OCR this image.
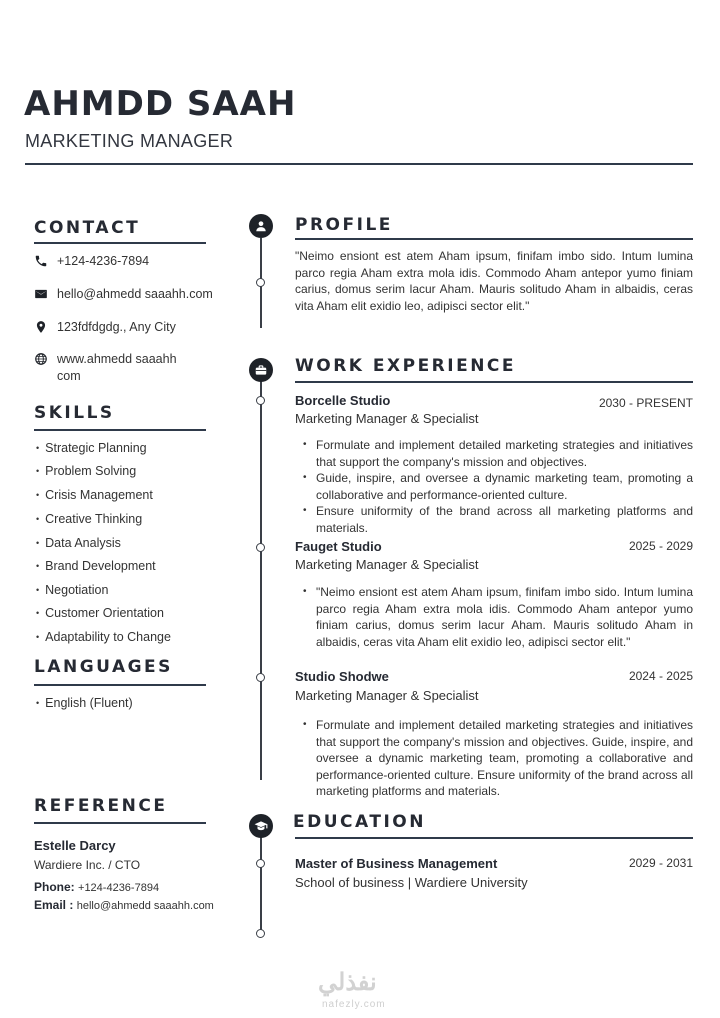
AHMDD SAAH
MARKETING MANAGER
CONTACT
+124-4236-7894
hello@ahmedd saaahh.com
123fdfdgdg., Any City
www.ahmedd saaahh
com
SKILLS
• Strategic Planning
• Problem Solving
• Crisis Management
• Creative Thinking
• Data Analysis
• Brand Development
• Negotiation
• Customer Orientation
• Adaptability to Change
LANGUAGES
• English (Fluent)
REFERENCE
Estelle Darcy
Wardiere Inc. / CTO
Phone: +124-4236-7894
Email : hello@ahmedd saaahh.com
PROFILE
"Neimo ensiont est atem Aham ipsum, finifam imbo sido. Intum lumina parco regia Aham extra mola idis. Commodo Aham antepor yumo finiam carius, domus serim lacur Aham. Mauris solitudo Aham in albaidis, ceras vita Aham elit exidio leo, adipisci sector elit."
WORK EXPERIENCE
Borcelle Studio	2030 - PRESENT
Marketing Manager & Specialist
• Formulate and implement detailed marketing strategies and initiatives that support the company's mission and objectives.
• Guide, inspire, and oversee a dynamic marketing team, promoting a collaborative and performance-oriented culture.
• Ensure uniformity of the brand across all marketing platforms and materials.
Fauget Studio	2025 - 2029
Marketing Manager & Specialist
• "Neimo ensiont est atem Aham ipsum, finifam imbo sido. Intum lumina parco regia Aham extra mola idis. Commodo Aham antepor yumo finiam carius, domus serim lacur Aham. Mauris solitudo Aham in albaidis, ceras vita Aham elit exidio leo, adipisci sector elit."
Studio Shodwe	2024 - 2025
Marketing Manager & Specialist
• Formulate and implement detailed marketing strategies and initiatives that support the company's mission and objectives. Guide, inspire, and oversee a dynamic marketing team, promoting a collaborative and performance-oriented culture. Ensure uniformity of the brand across all marketing platforms and materials.
EDUCATION
Master of Business Management	2029 - 2031
School of business | Wardiere University
نفذلي
nafezly.com
